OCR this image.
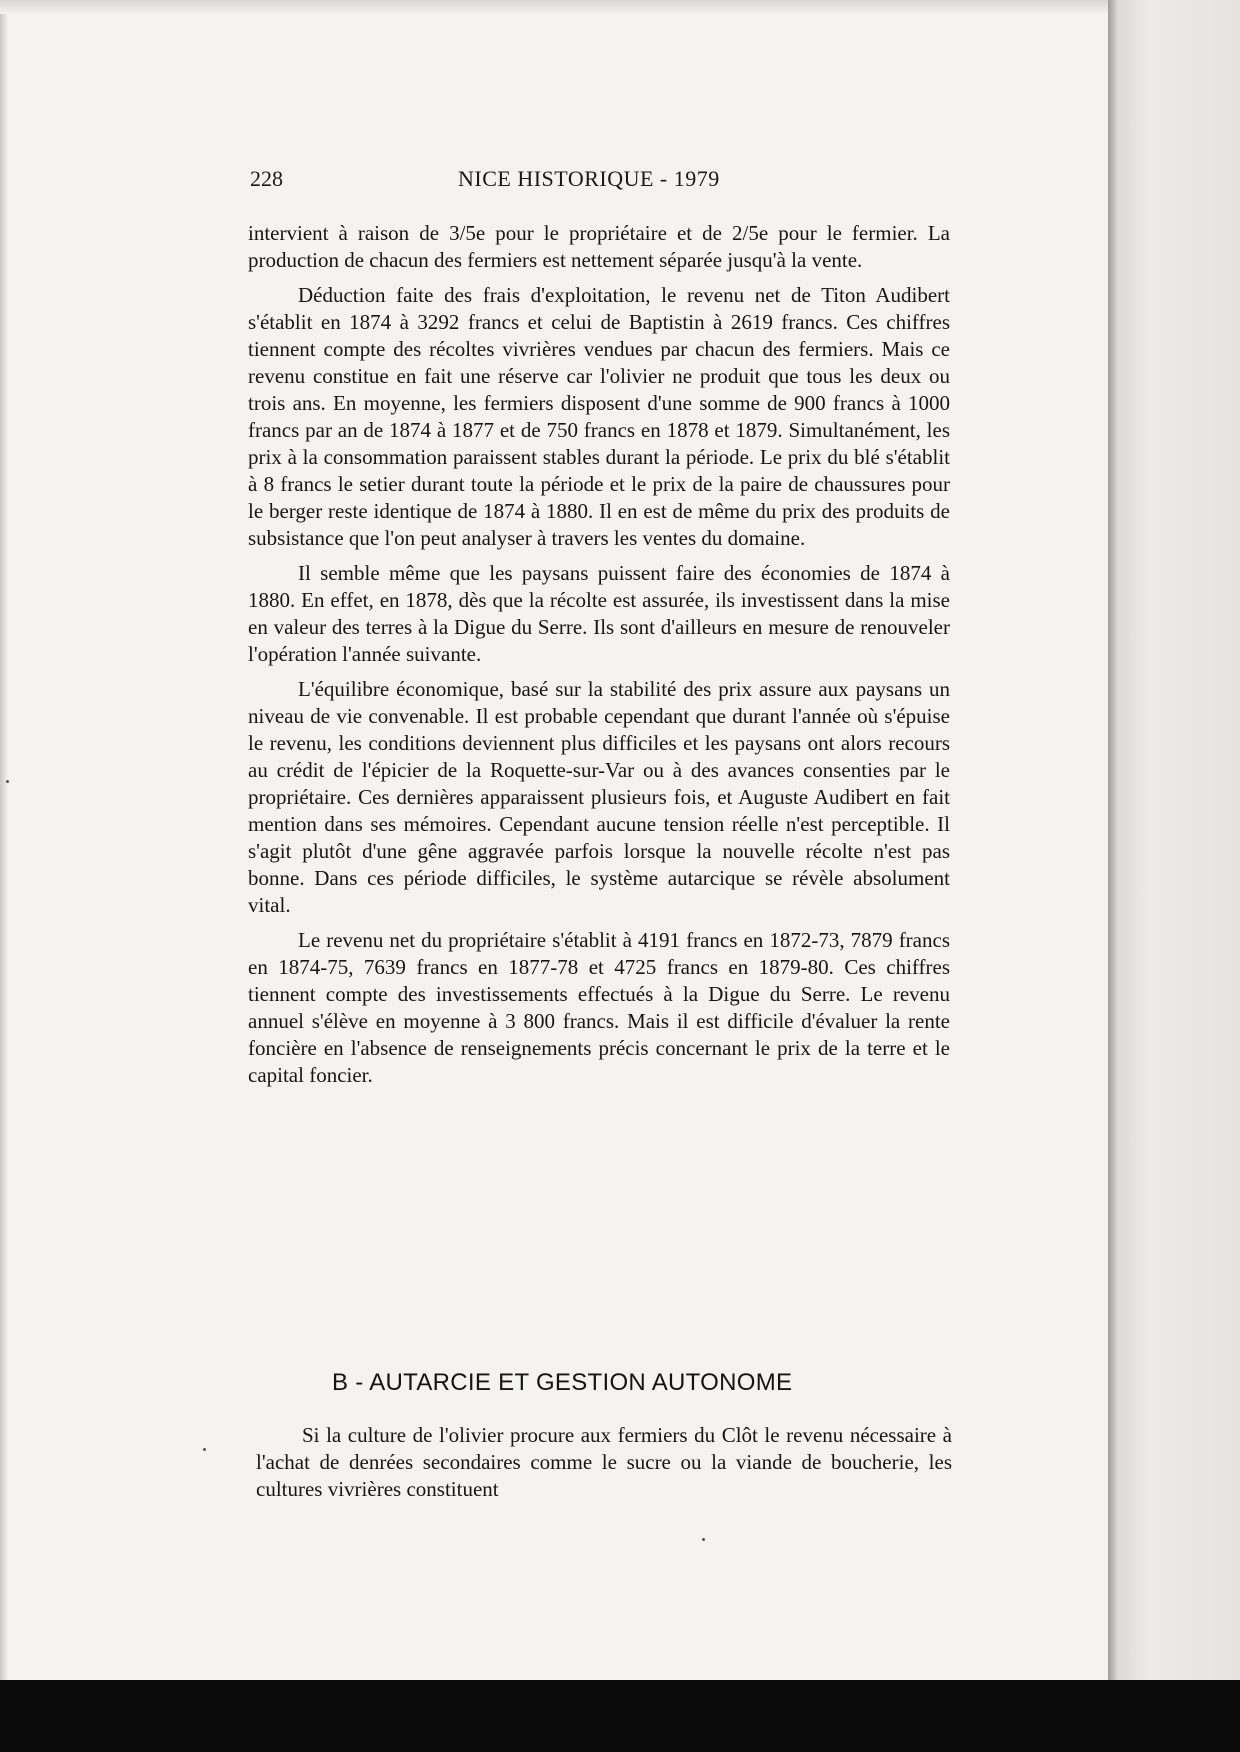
228	NICE HISTORIQUE - 1979

intervient à raison de 3/5e pour le propriétaire et de 2/5e pour le fermier. La production de chacun des fermiers est nettement séparée jusqu'à la vente.

Déduction faite des frais d'exploitation, le revenu net de Titon Audibert s'établit en 1874 à 3292 francs et celui de Baptistin à 2619 francs. Ces chiffres tiennent compte des récoltes vivrières vendues par chacun des fermiers. Mais ce revenu constitue en fait une réserve car l'olivier ne produit que tous les deux ou trois ans. En moyenne, les fermiers disposent d'une somme de 900 francs à 1000 francs par an de 1874 à 1877 et de 750 francs en 1878 et 1879. Simultanément, les prix à la consommation paraissent stables durant la période. Le prix du blé s'établit à 8 francs le setier durant toute la période et le prix de la paire de chaussures pour le berger reste identique de 1874 à 1880. Il en est de même du prix des produits de subsistance que l'on peut analyser à travers les ventes du domaine.

Il semble même que les paysans puissent faire des économies de 1874 à 1880. En effet, en 1878, dès que la récolte est assurée, ils investissent dans la mise en valeur des terres à la Digue du Serre. Ils sont d'ailleurs en mesure de renouveler l'opération l'année suivante.

L'équilibre économique, basé sur la stabilité des prix assure aux paysans un niveau de vie convenable. Il est probable cependant que durant l'année où s'épuise le revenu, les conditions deviennent plus difficiles et les paysans ont alors recours au crédit de l'épicier de la Roquette-sur-Var ou à des avances consenties par le propriétaire. Ces dernières apparaissent plusieurs fois, et Auguste Audibert en fait mention dans ses mémoires. Cependant aucune tension réelle n'est perceptible. Il s'agit plutôt d'une gêne aggravée parfois lorsque la nouvelle récolte n'est pas bonne. Dans ces période difficiles, le système autarcique se révèle absolument vital.

Le revenu net du propriétaire s'établit à 4191 francs en 1872-73, 7879 francs en 1874-75, 7639 francs en 1877-78 et 4725 francs en 1879-80. Ces chiffres tiennent compte des investissements effectués à la Digue du Serre. Le revenu annuel s'élève en moyenne à 3 800 francs. Mais il est difficile d'évaluer la rente foncière en l'absence de renseignements précis concernant le prix de la terre et le capital foncier.

B - AUTARCIE ET GESTION AUTONOME

Si la culture de l'olivier procure aux fermiers du Clôt le revenu nécessaire à l'achat de denrées secondaires comme le sucre ou la viande de boucherie, les cultures vivrières constituent
